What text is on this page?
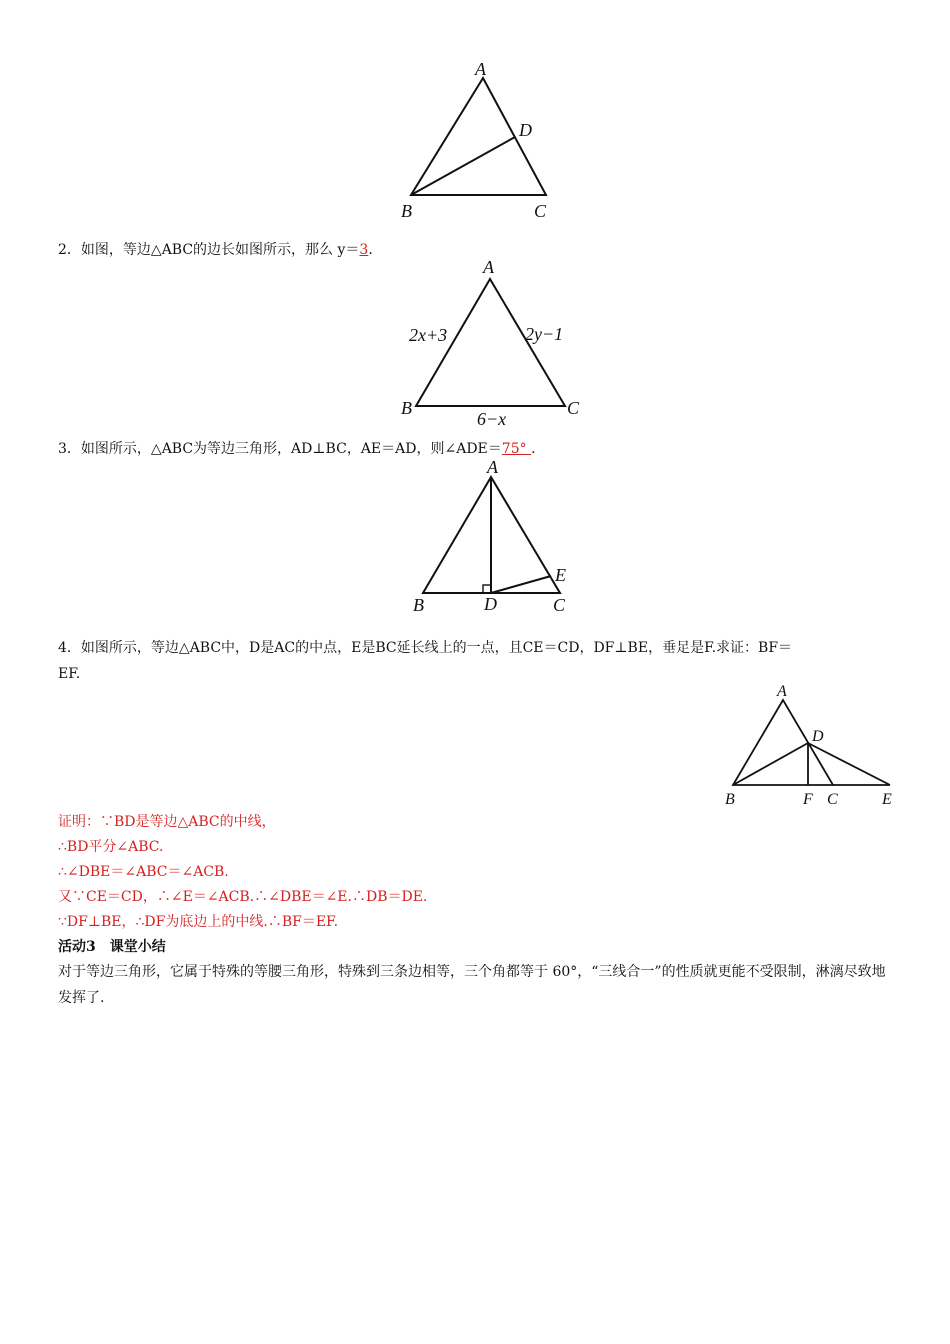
A
B	C
D
2．如图，等边△ABC的边长如图所示，那么 y＝3.
A
B	C
2x+3	2y−1
6−x
3．如图所示，△ABC为等边三角形，AD⊥BC，AE＝AD，则∠ADE＝75° .
A
B	C
D
E
4．如图所示，等边△ABC中，D是AC的中点，E是BC延长线上的一点，且CE＝CD，DF⊥BE，垂足是F.求证：BF＝
EF.
A
B	F C	E
D
证明：∵BD是等边△ABC的中线，
∴BD平分∠ABC.
∴∠DBE＝∠ABC＝∠ACB.
又∵CE＝CD，∴∠E＝∠ACB.∴∠DBE＝∠E.∴DB＝DE.
∵DF⊥BE，∴DF为底边上的中线.∴BF＝EF.
活动3　课堂小结
对于等边三角形，它属于特殊的等腰三角形，特殊到三条边相等，三个角都等于 60°，“三线合一”的性质就更能不受限制，淋漓尽致地发挥了.
